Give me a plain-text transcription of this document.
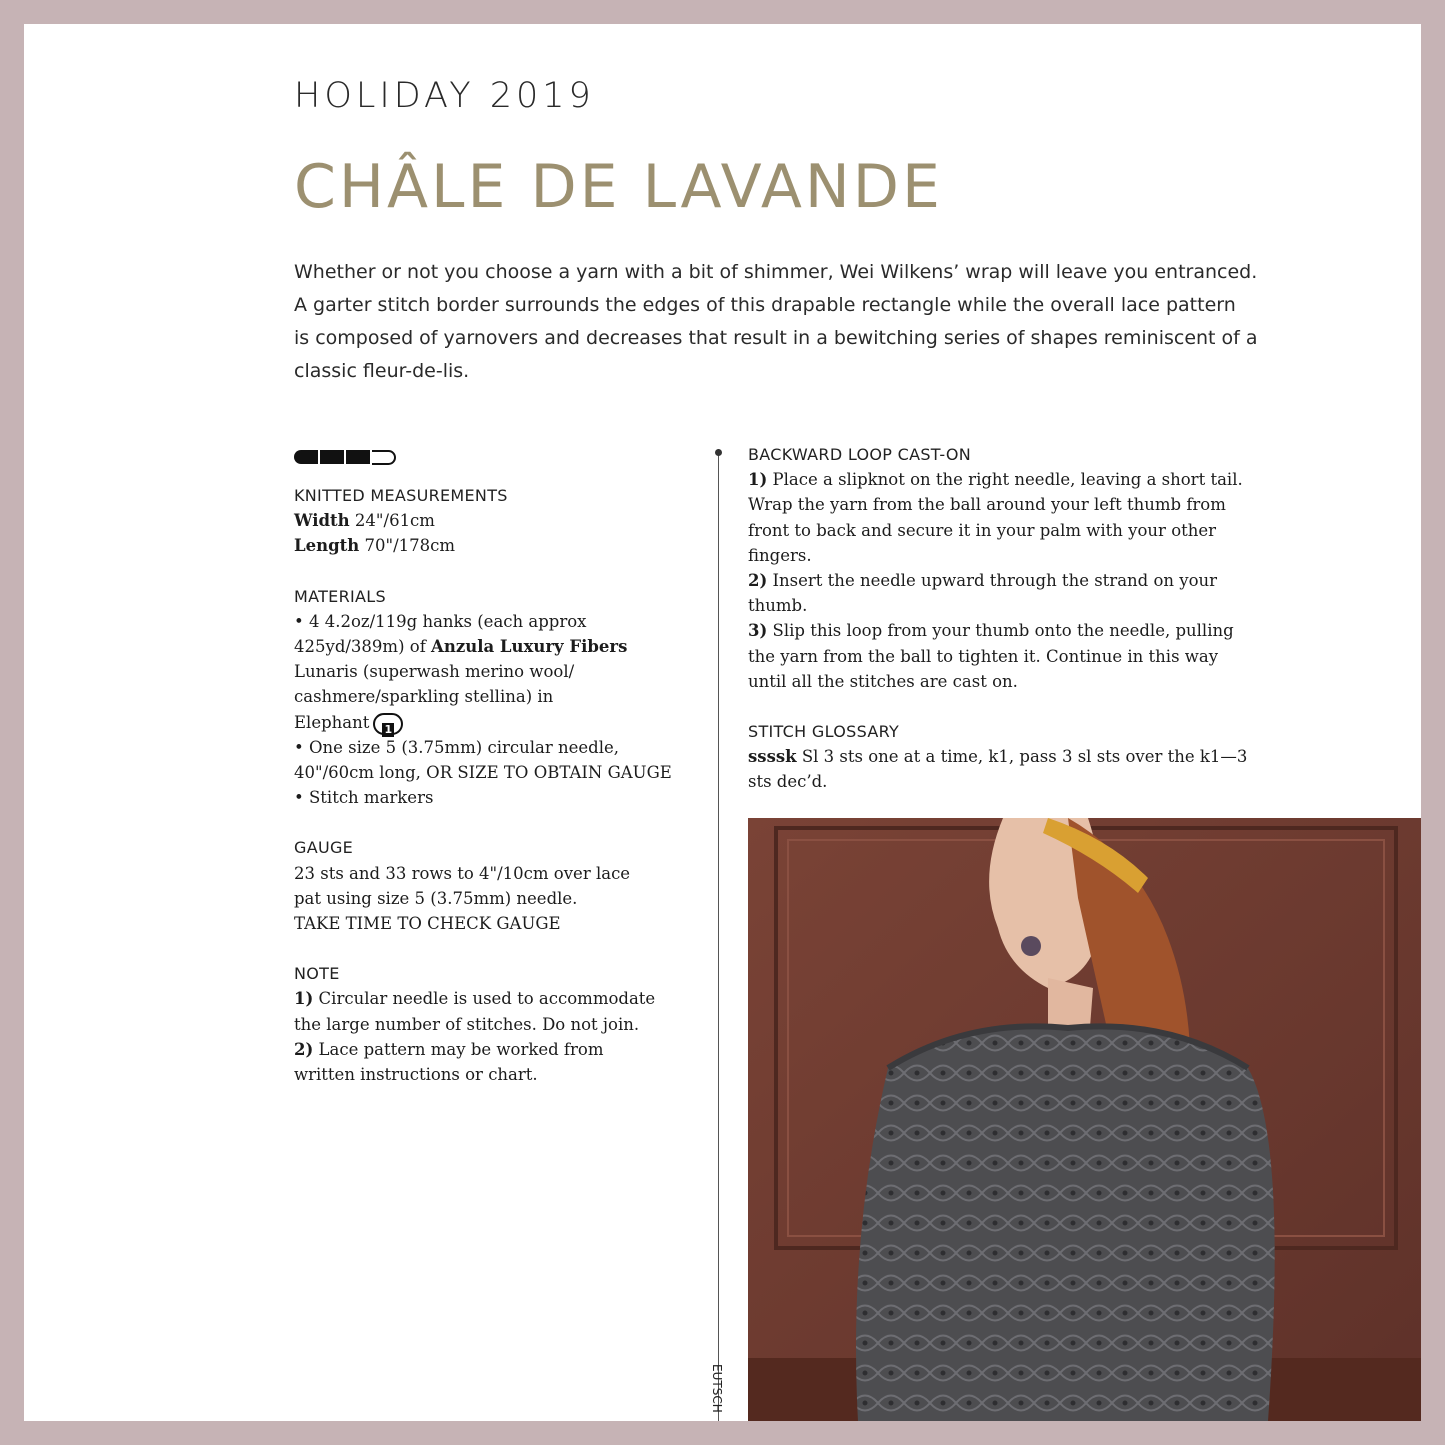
HOLIDAY 2019
CHÂLE DE LAVANDE
Whether or not you choose a yarn with a bit of shimmer, Wei Wilkens’ wrap will leave you entranced.
A garter stitch border surrounds the edges of this drapable rectangle while the overall lace pattern
is composed of yarnovers and decreases that result in a bewitching series of shapes reminiscent of a
classic fleur-de-lis.
KNITTED MEASUREMENTS
Width 24"/61cm
Length 70"/178cm
MATERIALS
• 4 4.2oz/119g hanks (each approx
425yd/389m) of Anzula Luxury Fibers
Lunaris (superwash merino wool/
cashmere/sparkling stellina) in
Elephant 1
• One size 5 (3.75mm) circular needle,
40"/60cm long, OR SIZE TO OBTAIN GAUGE
• Stitch markers
GAUGE
23 sts and 33 rows to 4"/10cm over lace
pat using size 5 (3.75mm) needle.
TAKE TIME TO CHECK GAUGE
NOTE
1) Circular needle is used to accommodate
the large number of stitches. Do not join.
2) Lace pattern may be worked from
written instructions or chart.
EUTSCH
BACKWARD LOOP CAST-ON
1) Place a slipknot on the right needle, leaving a short tail.
Wrap the yarn from the ball around your left thumb from
front to back and secure it in your palm with your other
fingers.
2) Insert the needle upward through the strand on your
thumb.
3) Slip this loop from your thumb onto the needle, pulling
the yarn from the ball to tighten it. Continue in this way
until all the stitches are cast on.
STITCH GLOSSARY
ssssk Sl 3 sts one at a time, k1, pass 3 sl sts over the k1—3
sts dec’d.
